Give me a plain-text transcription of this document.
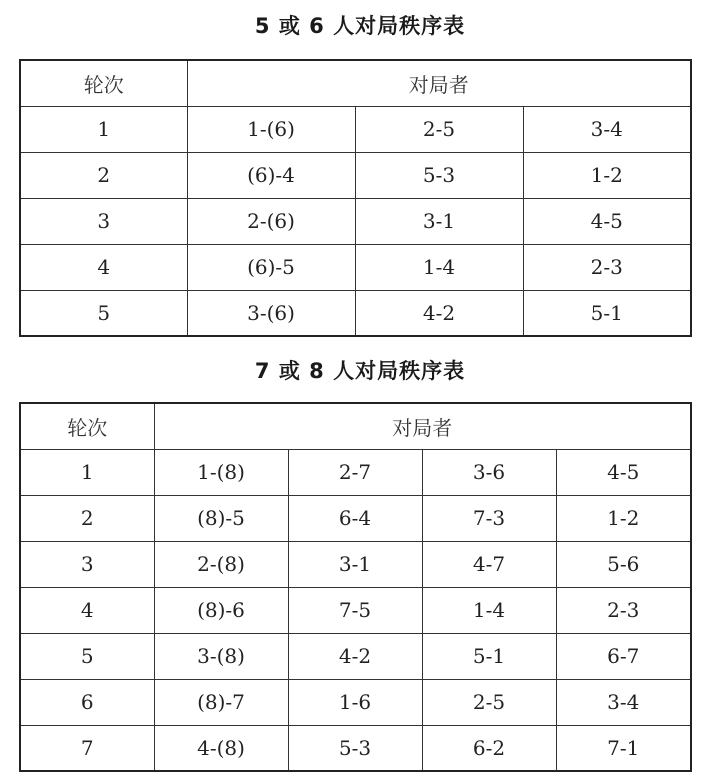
5 或 6 人对局秩序表
轮次	对局者		
1	1-(6)	2-5	3-4
2	(6)-4	5-3	1-2
3	2-(6)	3-1	4-5
4	(6)-5	1-4	2-3
5	3-(6)	4-2	5-1
7 或 8 人对局秩序表
轮次	对局者			
1	1-(8)	2-7	3-6	4-5
2	(8)-5	6-4	7-3	1-2
3	2-(8)	3-1	4-7	5-6
4	(8)-6	7-5	1-4	2-3
5	3-(8)	4-2	5-1	6-7
6	(8)-7	1-6	2-5	3-4
7	4-(8)	5-3	6-2	7-1
